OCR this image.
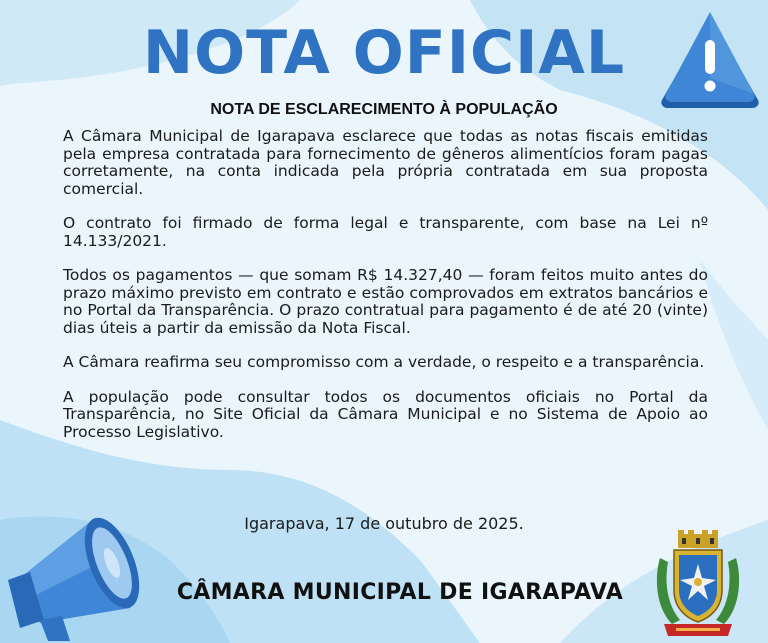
NOTA OFICIAL
NOTA DE ESCLARECIMENTO À POPULAÇÃO

A Câmara Municipal de Igarapava esclarece que todas as notas fiscais emitidas pela empresa contratada para fornecimento de gêneros alimentícios foram pagas corretamente, na conta indicada pela própria contratada em sua proposta comercial.

O contrato foi firmado de forma legal e transparente, com base na Lei nº 14.133/2021.

Todos os pagamentos — que somam R$ 14.327,40 — foram feitos muito antes do prazo máximo previsto em contrato e estão comprovados em extratos bancários e no Portal da Transparência. O prazo contratual para pagamento é de até 20 (vinte) dias úteis a partir da emissão da Nota Fiscal.

A Câmara reafirma seu compromisso com a verdade, o respeito e a transparência.

A população pode consultar todos os documentos oficiais no Portal da Transparência, no Site Oficial da Câmara Municipal e no Sistema de Apoio ao Processo Legislativo.

Igarapava, 17 de outubro de 2025.
CÂMARA MUNICIPAL DE IGARAPAVA
